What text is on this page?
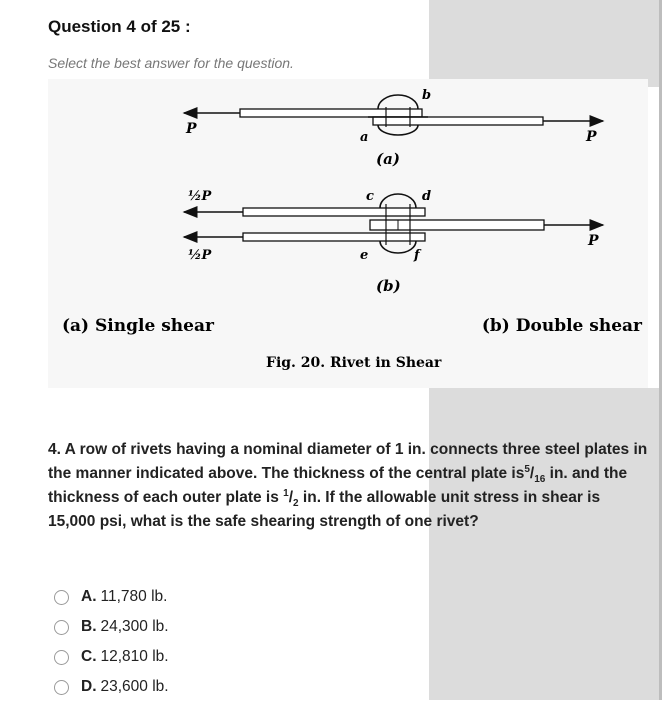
Question 4 of 25 :
Select the best answer for the question.
P	P
b
a
(a)
½P
½P
P
c	d
e	f
(b)
(a) Single shear	(b) Double shear
Fig. 20. Rivet in Shear
4. A row of rivets having a nominal diameter of 1 in. connects three steel plates in the manner indicated above. The thickness of the central plate $is^5/_{16}$ in. and the thickness of each outer plate is $^1/_2$ in. If the allowable unit stress in shear is 15,000 psi, what is the safe shearing strength of one rivet?
A. 11,780 lb.
B. 24,300 lb.
C. 12,810 lb.
D. 23,600 lb.
